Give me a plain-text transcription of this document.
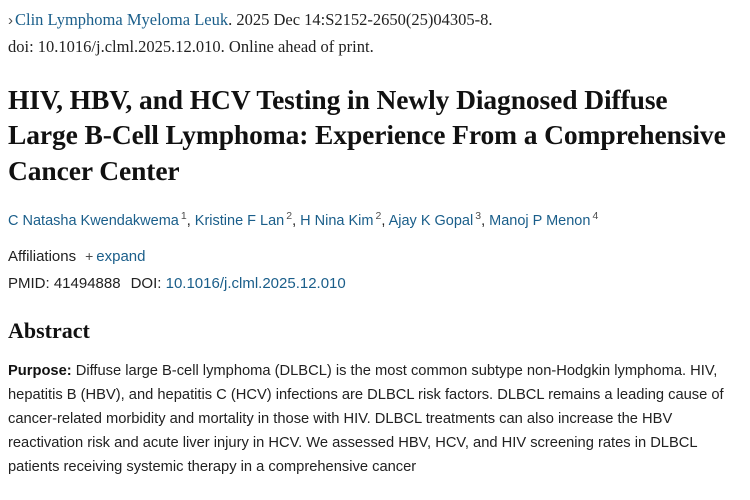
› Clin Lymphoma Myeloma Leuk. 2025 Dec 14:S2152-2650(25)04305-8.
doi: 10.1016/j.clml.2025.12.010. Online ahead of print.
HIV, HBV, and HCV Testing in Newly Diagnosed Diffuse Large B-Cell Lymphoma: Experience From a Comprehensive Cancer Center
C Natasha Kwendakwema $^1$, Kristine F Lan $^2$, H Nina Kim $^2$, Ajay K Gopal $^3$, Manoj P Menon $^4$
Affiliations + expand
PMID: 41494888 DOI: 10.1016/j.clml.2025.12.010
Abstract

Purpose: Diffuse large B-cell lymphoma (DLBCL) is the most common subtype non-Hodgkin lymphoma. HIV, hepatitis B (HBV), and hepatitis C (HCV) infections are DLBCL risk factors. DLBCL remains a leading cause of cancer-related morbidity and mortality in those with HIV. DLBCL treatments can also increase the HBV reactivation risk and acute liver injury in HCV. We assessed HBV, HCV, and HIV screening rates in DLBCL patients receiving systemic therapy in a comprehensive cancer
